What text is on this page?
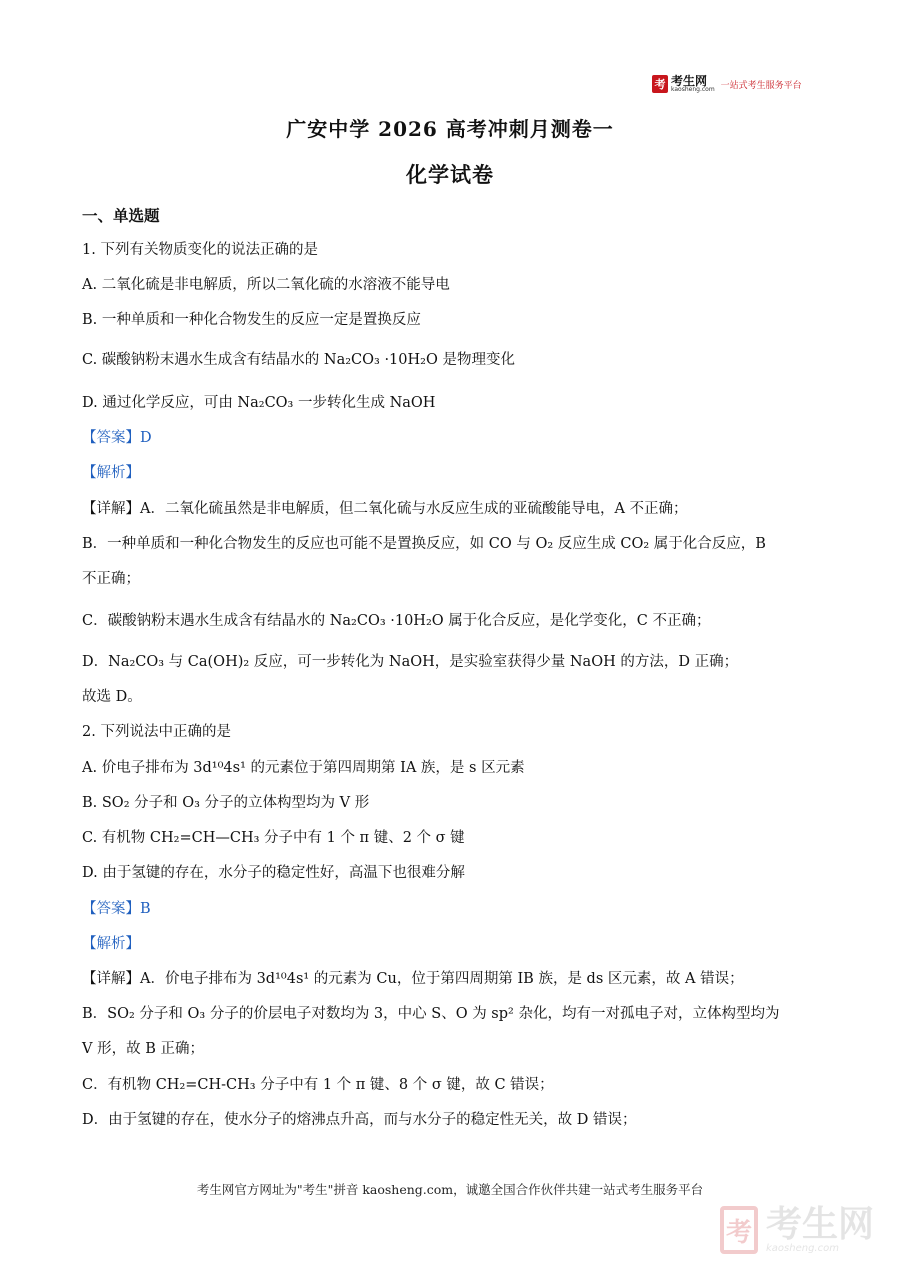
考 考生网
kaosheng.com 一站式考生服务平台
广安中学 2026 高考冲刺月测卷一
化学试卷
一、单选题
1. 下列有关物质变化的说法正确的是
A. 二氧化硫是非电解质，所以二氧化硫的水溶液不能导电
B. 一种单质和一种化合物发生的反应一定是置换反应
C. 碳酸钠粉末遇水生成含有结晶水的 Na₂CO₃ ·10H₂O 是物理变化
D. 通过化学反应，可由 Na₂CO₃ 一步转化生成 NaOH
【答案】D
【解析】
【详解】A．二氧化硫虽然是非电解质，但二氧化硫与水反应生成的亚硫酸能导电，A 不正确；
B．一种单质和一种化合物发生的反应也可能不是置换反应，如 CO 与 O₂ 反应生成 CO₂ 属于化合反应，B
不正确；
C．碳酸钠粉末遇水生成含有结晶水的 Na₂CO₃ ·10H₂O 属于化合反应，是化学变化，C 不正确；
D．Na₂CO₃ 与 Ca(OH)₂ 反应，可一步转化为 NaOH，是实验室获得少量 NaOH 的方法，D 正确；
故选 D。
2. 下列说法中正确的是
A. 价电子排布为 3d¹⁰4s¹ 的元素位于第四周期第 IA 族，是 s 区元素
B. SO₂ 分子和 O₃ 分子的立体构型均为 V 形
C. 有机物 CH₂=CH—CH₃ 分子中有 1 个 π 键、2 个 σ 键
D. 由于氢键的存在，水分子的稳定性好，高温下也很难分解
【答案】B
【解析】
【详解】A．价电子排布为 3d¹⁰4s¹ 的元素为 Cu，位于第四周期第 IB 族，是 ds 区元素，故 A 错误；
B．SO₂ 分子和 O₃ 分子的价层电子对数均为 3，中心 S、O 为 sp² 杂化，均有一对孤电子对，立体构型均为
V 形，故 B 正确；
C．有机物 CH₂=CH-CH₃ 分子中有 1 个 π 键、8 个 σ 键，故 C 错误；
D．由于氢键的存在，使水分子的熔沸点升高，而与水分子的稳定性无关，故 D 错误；
考生网官方网址为"考生"拼音 kaosheng.com，诚邀全国合作伙伴共建一站式考生服务平台
考 考生网
kaosheng.com
